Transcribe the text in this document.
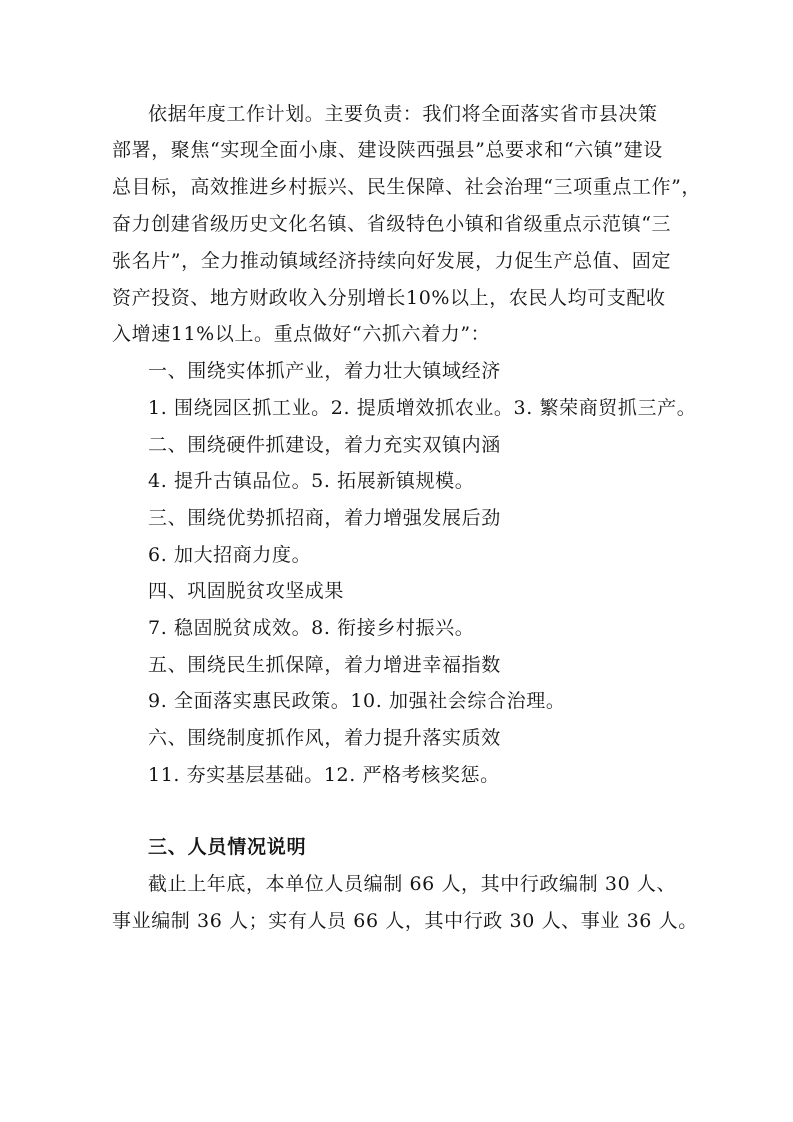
依据年度工作计划。主要负责：我们将全面落实省市县决策
部署，聚焦“实现全面小康、建设陕西强县”总要求和“六镇”建设
总目标，高效推进乡村振兴、民生保障、社会治理“三项重点工作”，
奋力创建省级历史文化名镇、省级特色小镇和省级重点示范镇“三
张名片”，全力推动镇域经济持续向好发展，力促生产总值、固定
资产投资、地方财政收入分别增长10%以上，农民人均可支配收
入增速11%以上。重点做好“六抓六着力”：
一、围绕实体抓产业，着力壮大镇域经济
1. 围绕园区抓工业。2. 提质增效抓农业。3. 繁荣商贸抓三产。
二、围绕硬件抓建设，着力充实双镇内涵
4. 提升古镇品位。5. 拓展新镇规模。
三、围绕优势抓招商，着力增强发展后劲
6. 加大招商力度。
四、巩固脱贫攻坚成果
7. 稳固脱贫成效。8. 衔接乡村振兴。
五、围绕民生抓保障，着力增进幸福指数
9. 全面落实惠民政策。10. 加强社会综合治理。
六、围绕制度抓作风，着力提升落实质效
11. 夯实基层基础。12. 严格考核奖惩。
三、人员情况说明
截止上年底，本单位人员编制 66 人，其中行政编制 30 人、
事业编制 36 人；实有人员 66 人，其中行政 30 人、事业 36 人。
